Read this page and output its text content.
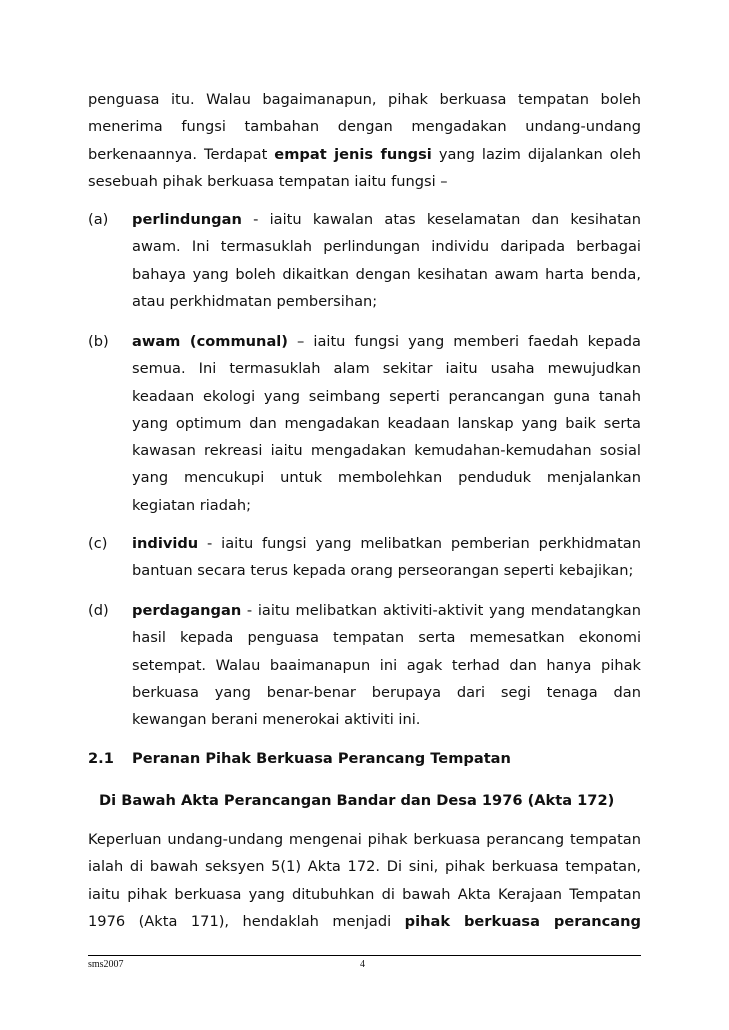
penguasa itu. Walau bagaimanapun, pihak berkuasa tempatan boleh
menerima fungsi tambahan dengan mengadakan undang-undang
berkenaannya. Terdapat empat jenis fungsi yang lazim dijalankan oleh
sesebuah pihak berkuasa tempatan iaitu fungsi –
(a)	perlindungan - iaitu kawalan atas keselamatan dan kesihatan
awam. Ini termasuklah perlindungan individu daripada berbagai
bahaya yang boleh dikaitkan dengan kesihatan awam harta benda,
atau perkhidmatan pembersihan;
(b)	awam (communal) – iaitu fungsi yang memberi faedah kepada
semua. Ini termasuklah alam sekitar iaitu usaha mewujudkan
keadaan ekologi yang seimbang seperti perancangan guna tanah
yang optimum dan mengadakan keadaan lanskap yang baik serta
kawasan rekreasi iaitu mengadakan kemudahan-kemudahan sosial
yang mencukupi untuk membolehkan penduduk menjalankan
kegiatan riadah;
(c)	individu - iaitu fungsi yang melibatkan pemberian perkhidmatan
bantuan secara terus kepada orang perseorangan seperti kebajikan;
(d)	perdagangan - iaitu melibatkan aktiviti-aktivit yang mendatangkan
hasil kepada penguasa tempatan serta memesatkan ekonomi
setempat. Walau baaimanapun ini agak terhad dan hanya pihak
berkuasa yang benar-benar berupaya dari segi tenaga dan
kewangan berani menerokai aktiviti ini.
2.1 Peranan Pihak Berkuasa Perancang Tempatan
Di Bawah Akta Perancangan Bandar dan Desa 1976 (Akta 172)
Keperluan undang-undang mengenai pihak berkuasa perancang tempatan
ialah di bawah seksyen 5(1) Akta 172. Di sini, pihak berkuasa tempatan,
iaitu pihak berkuasa yang ditubuhkan di bawah Akta Kerajaan Tempatan
1976 (Akta 171), hendaklah menjadi pihak berkuasa perancang
sms2007	4
